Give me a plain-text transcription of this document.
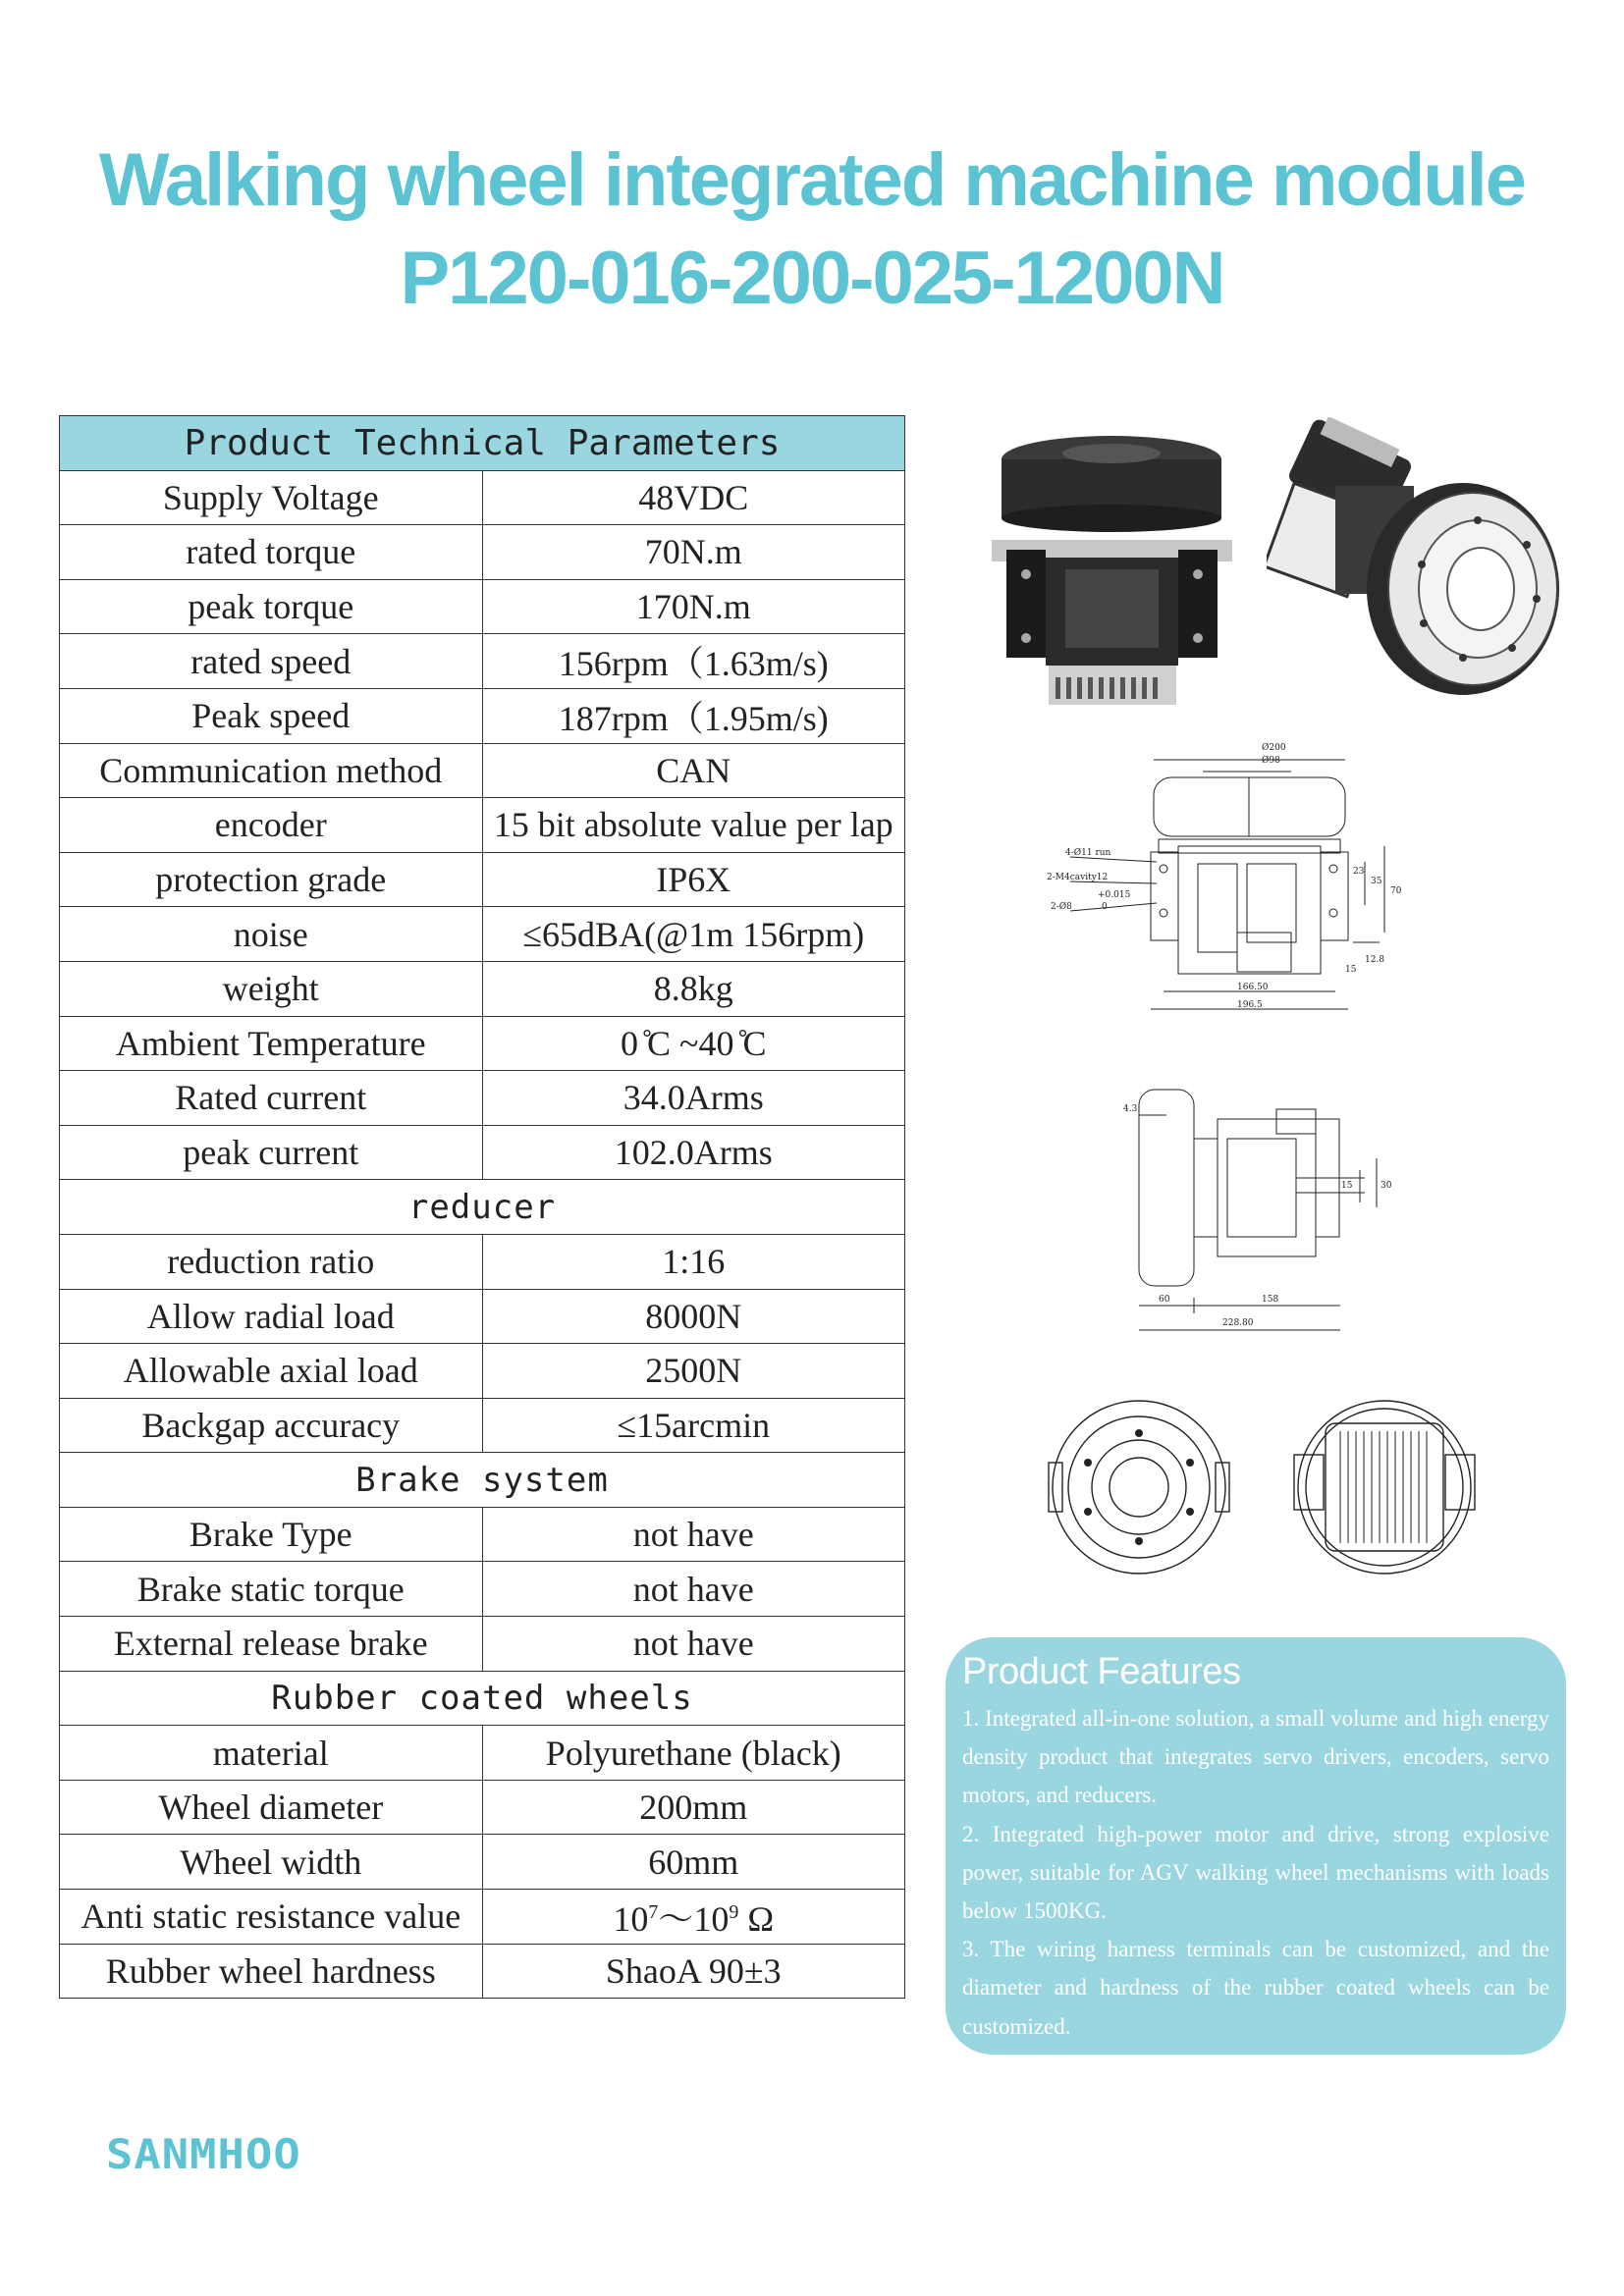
Walking wheel integrated machine module
P120-016-200-025-1200N
Product Technical Parameters	
Supply Voltage	48VDC
rated torque	70N.m
peak torque	170N.m
rated speed	156rpm（1.63m/s)
Peak speed	187rpm（1.95m/s)
Communication method	CAN
encoder	15 bit absolute value per lap
protection grade	IP6X
noise	≤65dBA(@1m 156rpm)
weight	8.8kg
Ambient Temperature	0 ̊C ~40 ̊C
Rated current	34.0Arms
peak current	102.0Arms
reducer	
reduction ratio	1:16
Allow radial load	8000N
Allowable axial load	2500N
Backgap accuracy	≤15arcmin
Brake system	
Brake Type	not have
Brake static torque	not have
External release brake	not have
Rubber coated wheels	
material	Polyurethane (black)
Wheel diameter	200mm
Wheel width	60mm
Anti static resistance value	$10^7\sim 10^9$ Ω
Rubber wheel hardness	ShaoA 90±3
Ø200
Ø98
4-Ø11 run
2-M4cavity12
+0.015
2-Ø8	0
166.50
196.5
35
70
23
12.8
15
4.3
15	30
60	158
228.80
Product Features

1. Integrated all-in-one solution, a small volume and high energy density product that integrates servo drivers, encoders, servo motors, and reducers.

2. Integrated high-power motor and drive, strong explosive power, suitable for AGV walking wheel mechanisms with loads below 1500KG.

3. The wiring harness terminals can be customized, and the diameter and hardness of the rubber coated wheels can be customized.

SANMHOO
